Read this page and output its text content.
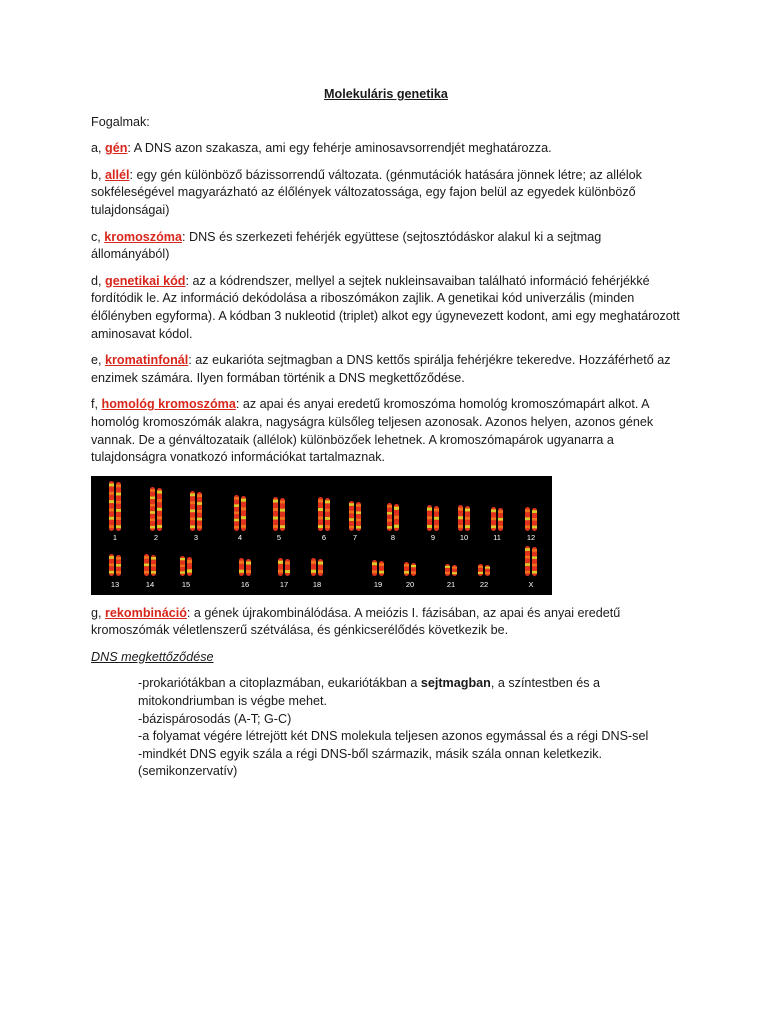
Molekuláris genetika

Fogalmak:

a, gén: A DNS azon szakasza, ami egy fehérje aminosavsorrendjét meghatározza.

b, allél: egy gén különböző bázissorrendű változata. (génmutációk hatására jönnek létre; az allélok sokféleségével magyarázható az élőlények változatossága, egy fajon belül az egyedek különböző tulajdonságai)

c, kromoszóma: DNS és szerkezeti fehérjék együttese (sejtosztódáskor alakul ki a sejtmag állományából)

d, genetikai kód: az a kódrendszer, mellyel a sejtek nukleinsavaiban található információ fehérjékké fordítódik le. Az információ dekódolása a riboszómákon zajlik. A genetikai kód univerzális (minden élőlényben egyforma). A kódban 3 nukleotid (triplet) alkot egy úgynevezett kodont, ami egy meghatározott aminosavat kódol.

e, kromatinfonál: az eukarióta sejtmagban a DNS kettős spirálja fehérjékre tekeredve. Hozzáférhető az enzimek számára. Ilyen formában történik a DNS megkettőződése.

f, homológ kromoszóma: az apai és anyai eredetű kromoszóma homológ kromoszómapárt alkot. A homológ kromoszómák alakra, nagyságra külsőleg teljesen azonosak. Azonos helyen, azonos gének vannak. De a génváltozataik (allélok) különbözőek lehetnek. A kromoszómapárok ugyanarra a tulajdonságra vonatkozó információkat tartalmaznak.

1	2	3	4	5	6	7	8	9	10	11	12
13	14	15	16	17	18	19	20	21	22	X

g, rekombináció: a gének újrakombinálódása. A meiózis I. fázisában, az apai és anyai eredetű kromoszómák véletlenszerű szétválása, és génkicserélődés következik be.

DNS megkettőződése
-prokariótákban a citoplazmában, eukariótákban a sejtmagban, a színtestben és a mitokondriumban is végbe mehet.
-bázispárosodás (A-T; G-C)
-a folyamat végére létrejött két DNS molekula teljesen azonos egymással és a régi DNS-sel
-mindkét DNS egyik szála a régi DNS-ből származik, másik szála onnan keletkezik. (semikonzervatív)
